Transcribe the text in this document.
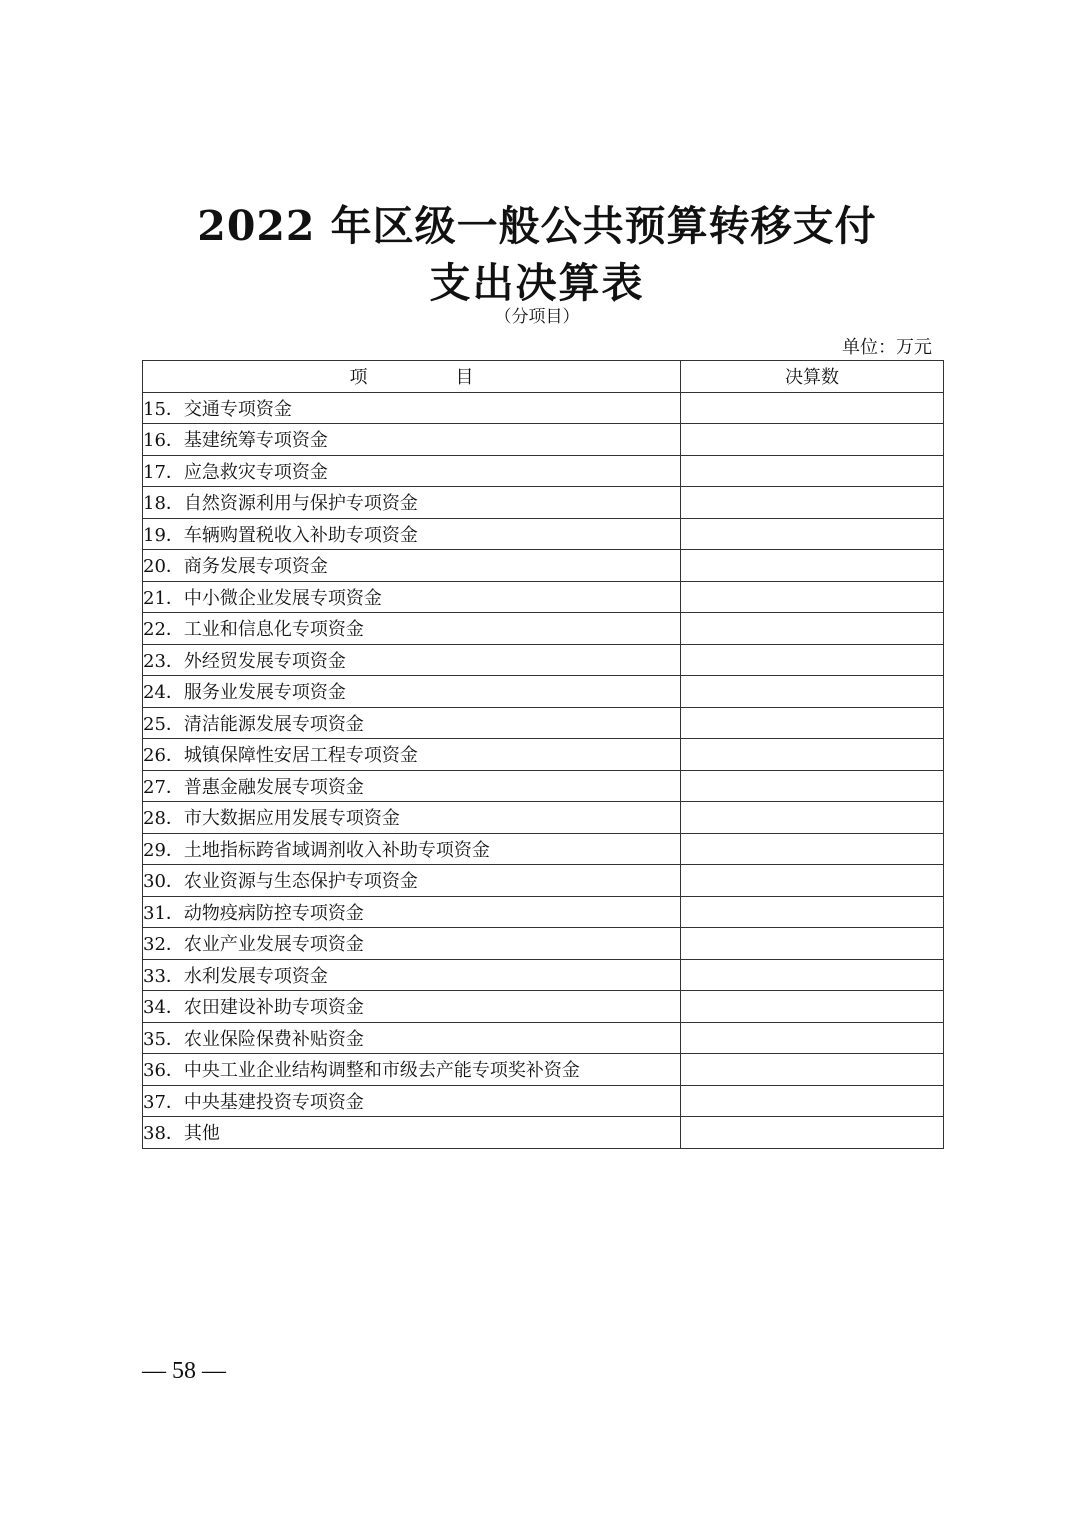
2022 年区级一般公共预算转移支付
支出决算表
（分项目）
单位：万元
项 目	决算数
15．交通专项资金	
16．基建统筹专项资金	
17．应急救灾专项资金	
18．自然资源利用与保护专项资金	
19．车辆购置税收入补助专项资金	
20．商务发展专项资金	
21．中小微企业发展专项资金	
22．工业和信息化专项资金	
23．外经贸发展专项资金	
24．服务业发展专项资金	
25．清洁能源发展专项资金	
26．城镇保障性安居工程专项资金	
27．普惠金融发展专项资金	
28．市大数据应用发展专项资金	
29．土地指标跨省域调剂收入补助专项资金	
30．农业资源与生态保护专项资金	
31．动物疫病防控专项资金	
32．农业产业发展专项资金	
33．水利发展专项资金	
34．农田建设补助专项资金	
35．农业保险保费补贴资金	
36．中央工业企业结构调整和市级去产能专项奖补资金	
37．中央基建投资专项资金	
38．其他	
— 58 —
